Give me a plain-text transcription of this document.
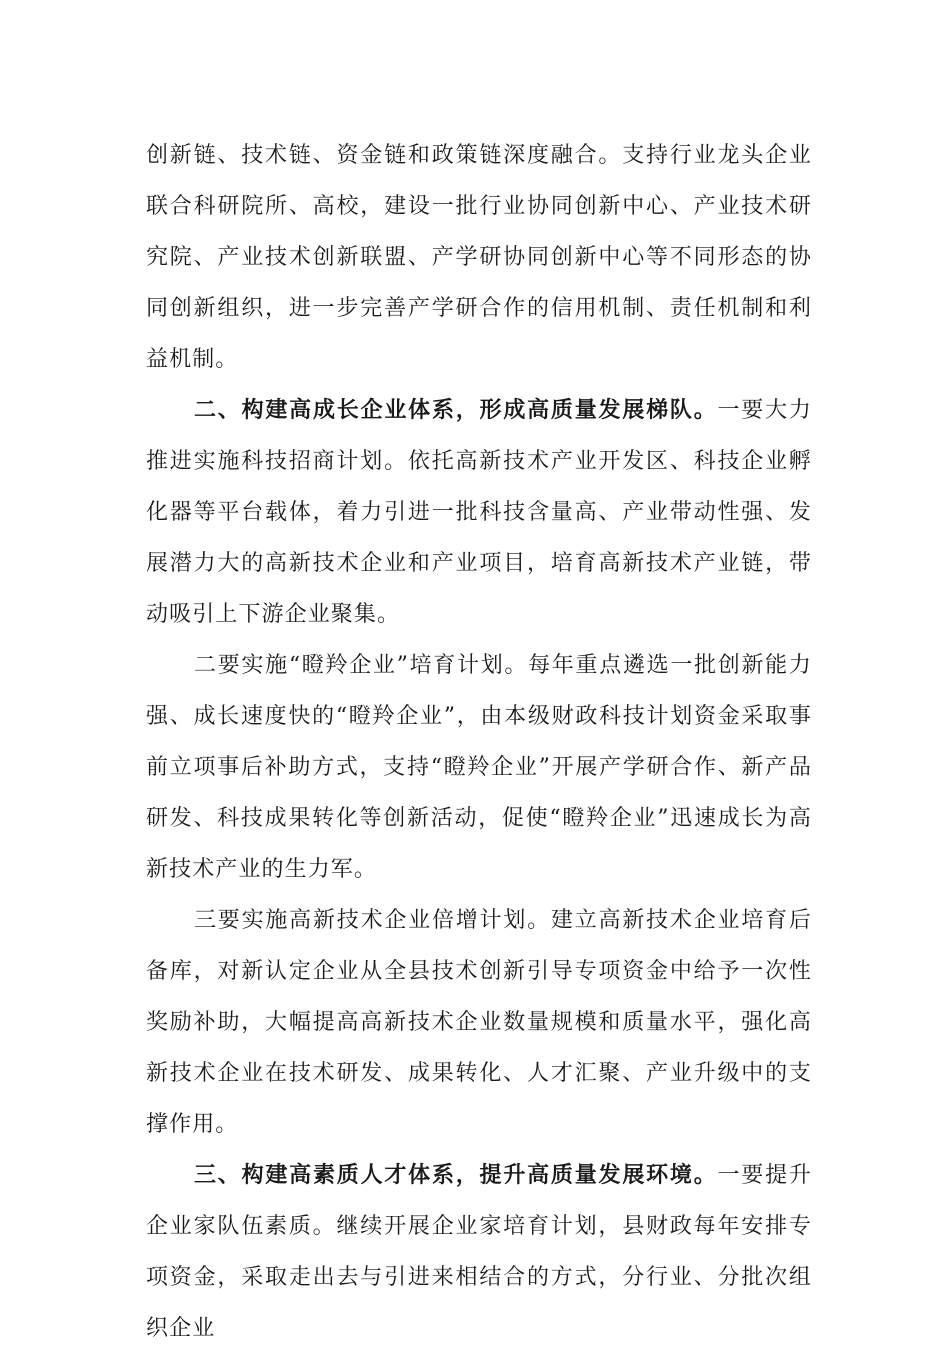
创新链、技术链、资金链和政策链深度融合。支持行业龙头企业联合科研院所、高校，建设一批行业协同创新中心、产业技术研究院、产业技术创新联盟、产学研协同创新中心等不同形态的协同创新组织，进一步完善产学研合作的信用机制、责任机制和利益机制。

二、构建高成长企业体系，形成高质量发展梯队。一要大力推进实施科技招商计划。依托高新技术产业开发区、科技企业孵化器等平台载体，着力引进一批科技含量高、产业带动性强、发展潜力大的高新技术企业和产业项目，培育高新技术产业链，带动吸引上下游企业聚集。

二要实施“瞪羚企业”培育计划。每年重点遴选一批创新能力强、成长速度快的“瞪羚企业”，由本级财政科技计划资金采取事前立项事后补助方式，支持“瞪羚企业”开展产学研合作、新产品研发、科技成果转化等创新活动，促使“瞪羚企业”迅速成长为高新技术产业的生力军。

三要实施高新技术企业倍增计划。建立高新技术企业培育后备库，对新认定企业从全县技术创新引导专项资金中给予一次性奖励补助，大幅提高高新技术企业数量规模和质量水平，强化高新技术企业在技术研发、成果转化、人才汇聚、产业升级中的支撑作用。

三、构建高素质人才体系，提升高质量发展环境。一要提升企业家队伍素质。继续开展企业家培育计划，县财政每年安排专项资金，采取走出去与引进来相结合的方式，分行业、分批次组织企业
